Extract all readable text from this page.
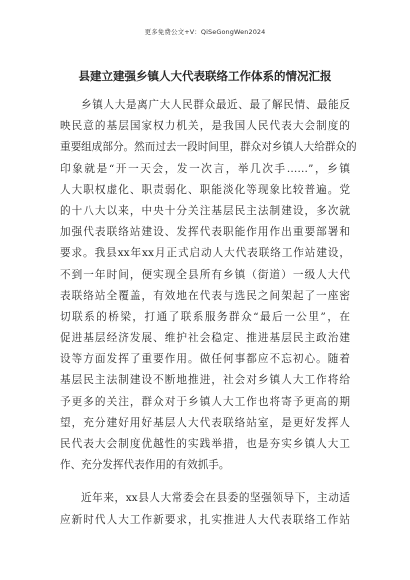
更多免费公文+V：QiSeGongWen2024
县建立建强乡镇人大代表联络工作体系的情况汇报

乡镇人大是离广大人民群众最近、最了解民情、最能反
映民意的基层国家权力机关，是我国人民代表大会制度的
重要组成部分。然而过去一段时间里，群众对乡镇人大给群众的
印象就是“开一天会，发一次言，举几次手……”，乡镇
人大职权虚化、职责弱化、职能淡化等现象比较普遍。党
的十八大以来，中央十分关注基层民主法制建设，多次就
加强代表联络站建设、发挥代表职能作用作出重要部署和
要求。我县xx年xx月正式启动人大代表联络工作站建设，
不到一年时间，便实现全县所有乡镇（街道）一级人大代
表联络站全覆盖，有效地在代表与选民之间架起了一座密
切联系的桥梁，打通了联系服务群众“最后一公里”，在
促进基层经济发展、维护社会稳定、推进基层民主政治建
设等方面发挥了重要作用。做任何事都应不忘初心。随着
基层民主法制建设不断地推进，社会对乡镇人大工作将给
予更多的关注，群众对于乡镇人大工作也将寄予更高的期
望，充分建好用好基层人大代表联络站室，是更好发挥人
民代表大会制度优越性的实践举措，也是夯实乡镇人大工
作、充分发挥代表作用的有效抓手。

近年来，xx县人大常委会在县委的坚强领导下，主动适
应新时代人大工作新要求，扎实推进人大代表联络工作站
